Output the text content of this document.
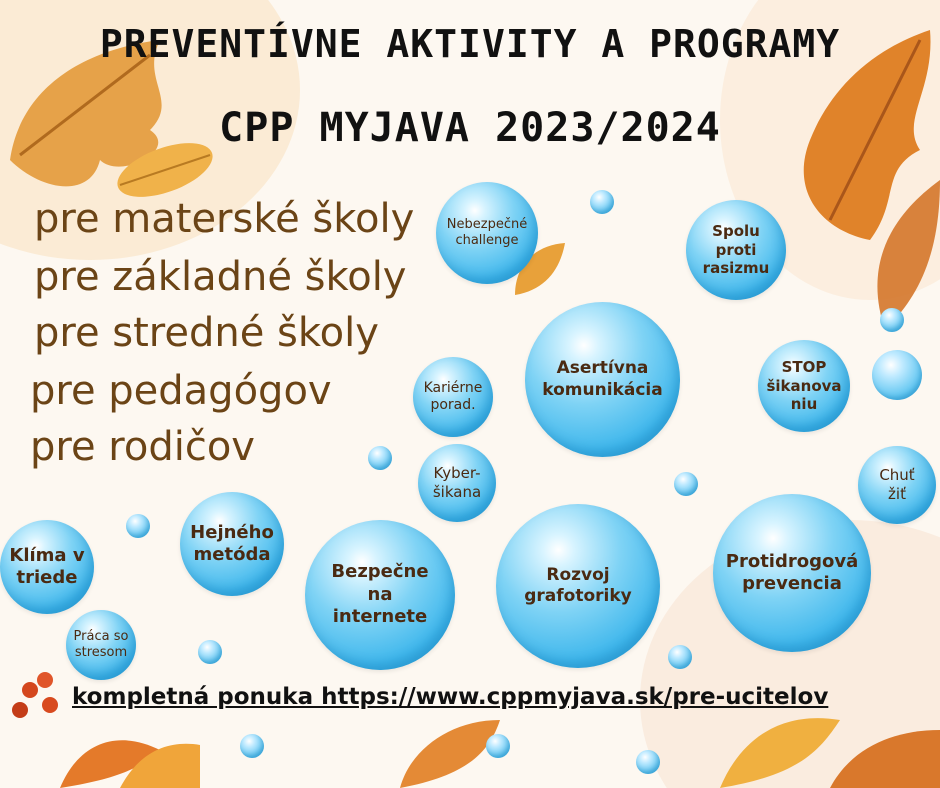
PREVENTÍVNE AKTIVITY A PROGRAMY
CPP MYJAVA 2023/2024
pre materské školy
pre základné školy
pre stredné školy
pre pedagógov
pre rodičov
Nebezpečné challenge
Spolu proti rasizmu
Asertívna komunikácia
STOP šikanova niu
Kariérne porad.
Chuť žiť
Kyber- šikana
Hejného metóda
Klíma v triede	Bezpečne na internete
Rozvoj grafotoriky
Protidrogová prevencia
Práca so stresom
kompletná ponuka https://www.cppmyjava.sk/pre-ucitelov
